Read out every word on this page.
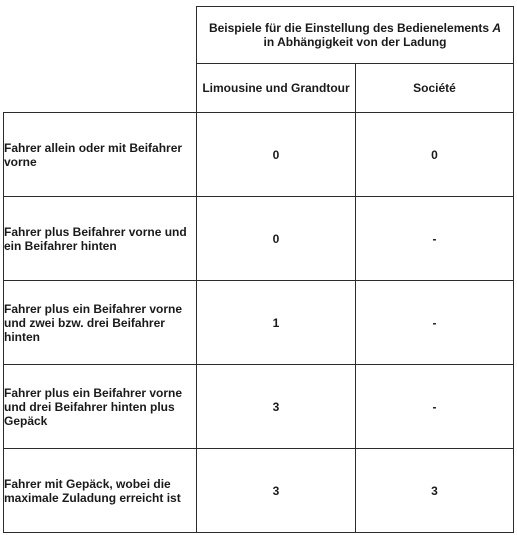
	Beispiele für die Einstellung des Bedienelements A
in Abhängigkeit von der Ladung	
	Limousine und Grandtour	Société
Fahrer allein oder mit Beifahrer vorne	0	0
Fahrer plus Beifahrer vorne und ein Beifahrer hinten	0	-
Fahrer plus ein Beifahrer vorne und zwei bzw. drei Beifahrer hinten	1	-
Fahrer plus ein Beifahrer vorne und drei Beifahrer hinten plus Gepäck	3	-
Fahrer mit Gepäck, wobei die maximale Zuladung erreicht ist	3	3
